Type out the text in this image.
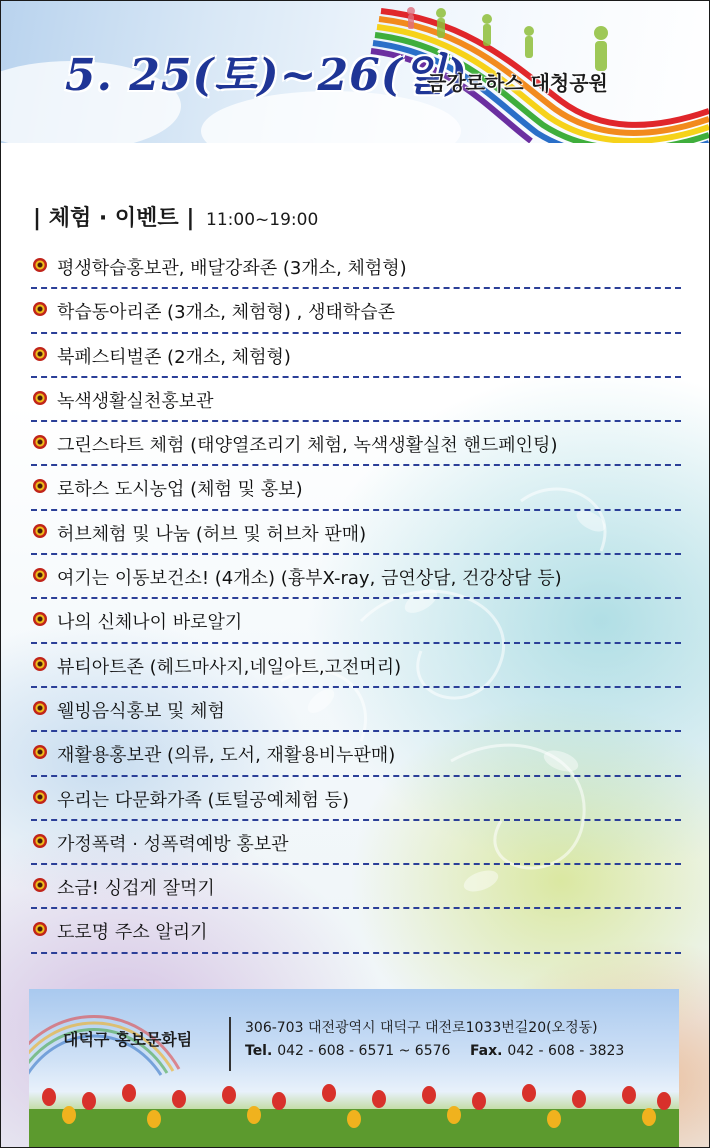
5. 25(토)~26(일)
금강로하스 대청공원
| 체험 · 이벤트 | 11:00~19:00
평생학습홍보관, 배달강좌존 (3개소, 체험형)
학습동아리존 (3개소, 체험형) , 생태학습존
북페스티벌존 (2개소, 체험형)
녹색생활실천홍보관
그린스타트 체험 (태양열조리기 체험, 녹색생활실천 핸드페인팅)
로하스 도시농업 (체험 및 홍보)
허브체험 및 나눔 (허브 및 허브차 판매)
여기는 이동보건소! (4개소) (흉부X-ray, 금연상담, 건강상담 등)
나의 신체나이 바로알기
뷰티아트존 (헤드마사지,네일아트,고전머리)
웰빙음식홍보 및 체험
재활용홍보관 (의류, 도서, 재활용비누판매)
우리는 다문화가족 (토털공예체험 등)
가정폭력 · 성폭력예방 홍보관
소금! 싱겁게 잘먹기
도로명 주소 알리기
대덕구 홍보문화팀
306-703 대전광역시 대덕구 대전로1033번길20(오정동)
Tel. 042 - 608 - 6571 ~ 6576 Fax. 042 - 608 - 3823
